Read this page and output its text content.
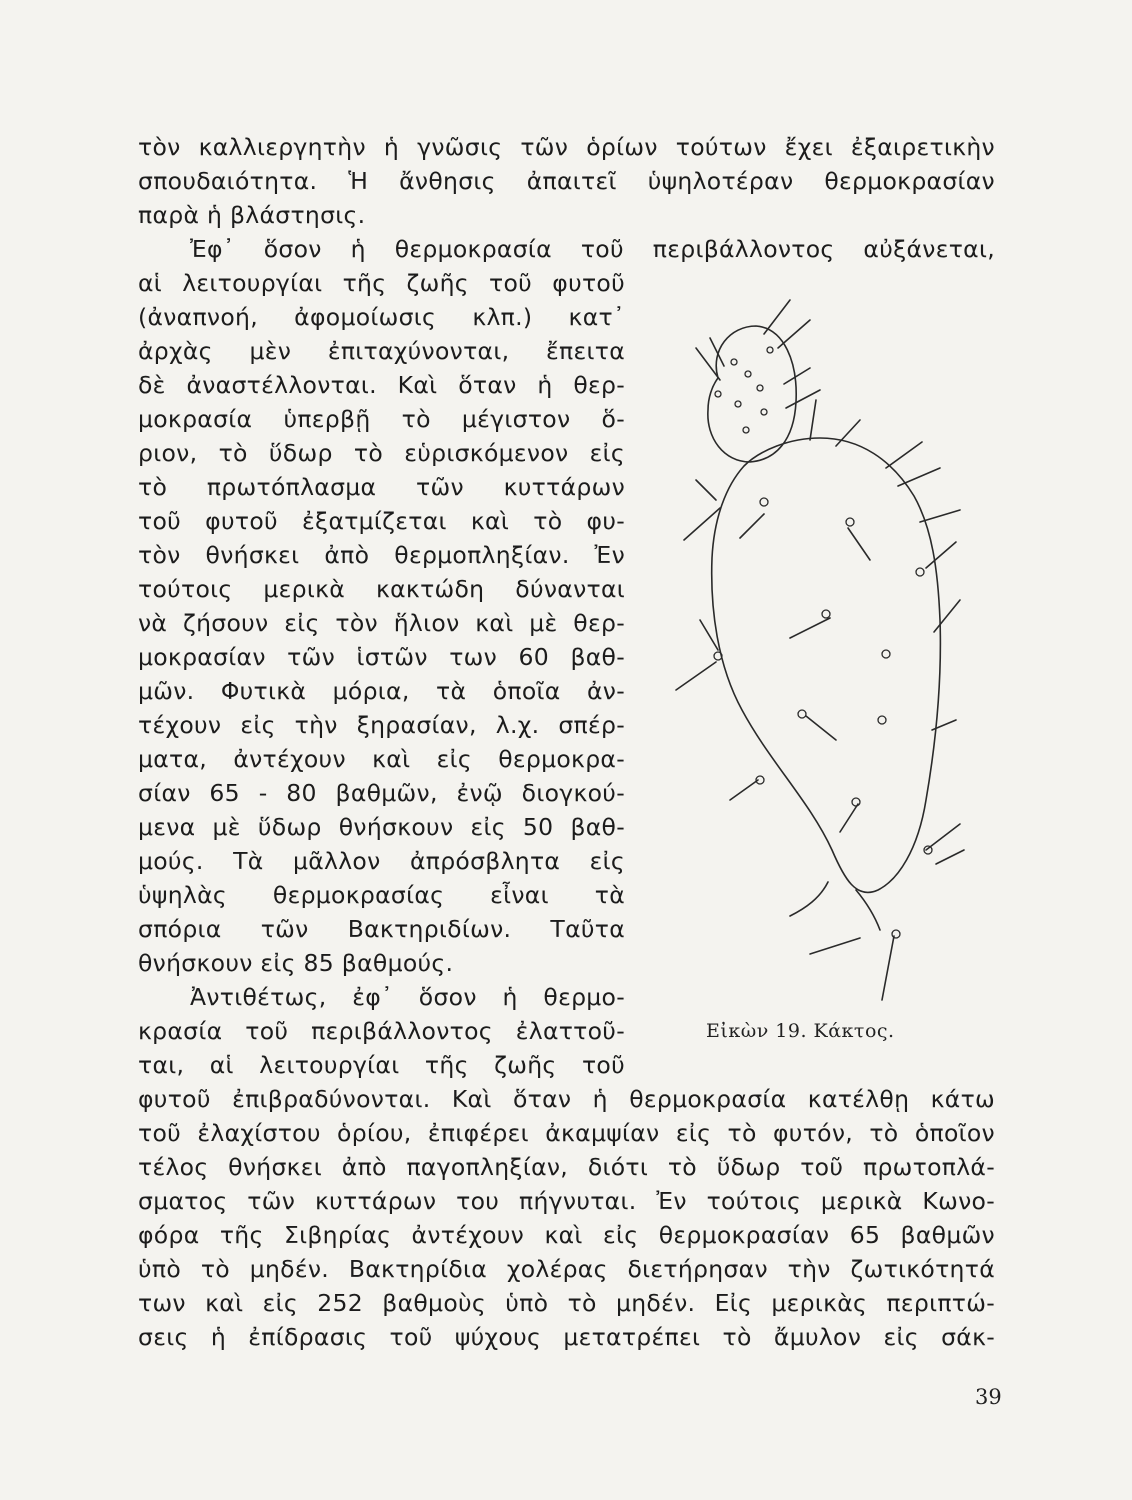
τὸν καλλιεργητὴν ἡ γνῶσις τῶν ὁρίων τούτων ἔχει ἐξαιρετικὴν
σπουδαιότητα. Ἡ ἄνθησις ἀπαιτεῖ ὑψηλοτέραν θερμοκρασίαν
παρὰ ἡ βλάστησις.
Ἐφ᾽ ὅσον ἡ θερμοκρασία τοῦ περιβάλλοντος αὐξάνεται,
αἱ λειτουργίαι τῆς ζωῆς τοῦ φυτοῦ
(ἀναπνοή, ἀφομοίωσις κλπ.) κατ᾽
ἀρχὰς μὲν ἐπιταχύνονται, ἔπειτα
δὲ ἀναστέλλονται. Καὶ ὅταν ἡ θερ-
μοκρασία ὑπερβῇ τὸ μέγιστον ὅ-
ριον, τὸ ὕδωρ τὸ εὑρισκόμενον εἰς
τὸ πρωτόπλασμα τῶν κυττάρων
τοῦ φυτοῦ ἐξατμίζεται καὶ τὸ φυ-
τὸν θνήσκει ἀπὸ θερμοπληξίαν. Ἐν
τούτοις μερικὰ κακτώδη δύνανται
νὰ ζήσουν εἰς τὸν ἥλιον καὶ μὲ θερ-
μοκρασίαν τῶν ἱστῶν των 60 βαθ-
μῶν. Φυτικὰ μόρια, τὰ ὁποῖα ἀν-
τέχουν εἰς τὴν ξηρασίαν, λ.χ. σπέρ-
ματα, ἀντέχουν καὶ εἰς θερμοκρα-
σίαν 65 - 80 βαθμῶν, ἐνῷ διογκού-
μενα μὲ ὕδωρ θνήσκουν εἰς 50 βαθ-
μούς. Τὰ μᾶλλον ἀπρόσβλητα εἰς
ὑψηλὰς θερμοκρασίας εἶναι τὰ
σπόρια τῶν Βακτηριδίων. Ταῦτα
θνήσκουν εἰς 85 βαθμούς.
Ἀντιθέτως, ἐφ᾽ ὅσον ἡ θερμο-
κρασία τοῦ περιβάλλοντος ἐλαττοῦ-
ται, αἱ λειτουργίαι τῆς ζωῆς τοῦ
φυτοῦ ἐπιβραδύνονται. Καὶ ὅταν ἡ θερμοκρασία κατέλθῃ κάτω
τοῦ ἐλαχίστου ὁρίου, ἐπιφέρει ἀκαμψίαν εἰς τὸ φυτόν, τὸ ὁποῖον
τέλος θνήσκει ἀπὸ παγοπληξίαν, διότι τὸ ὕδωρ τοῦ πρωτοπλά-
σματος τῶν κυττάρων του πήγνυται. Ἐν τούτοις μερικὰ Κωνο-
φόρα τῆς Σιβηρίας ἀντέχουν καὶ εἰς θερμοκρασίαν 65 βαθμῶν
ὑπὸ τὸ μηδέν. Βακτηρίδια χολέρας διετήρησαν τὴν ζωτικότητά
των καὶ εἰς 252 βαθμοὺς ὑπὸ τὸ μηδέν. Εἰς μερικὰς περιπτώ-
σεις ἡ ἐπίδρασις τοῦ ψύχους μετατρέπει τὸ ἄμυλον εἰς σάκ-
Εἰκὼν 19. Κάκτος.
39
